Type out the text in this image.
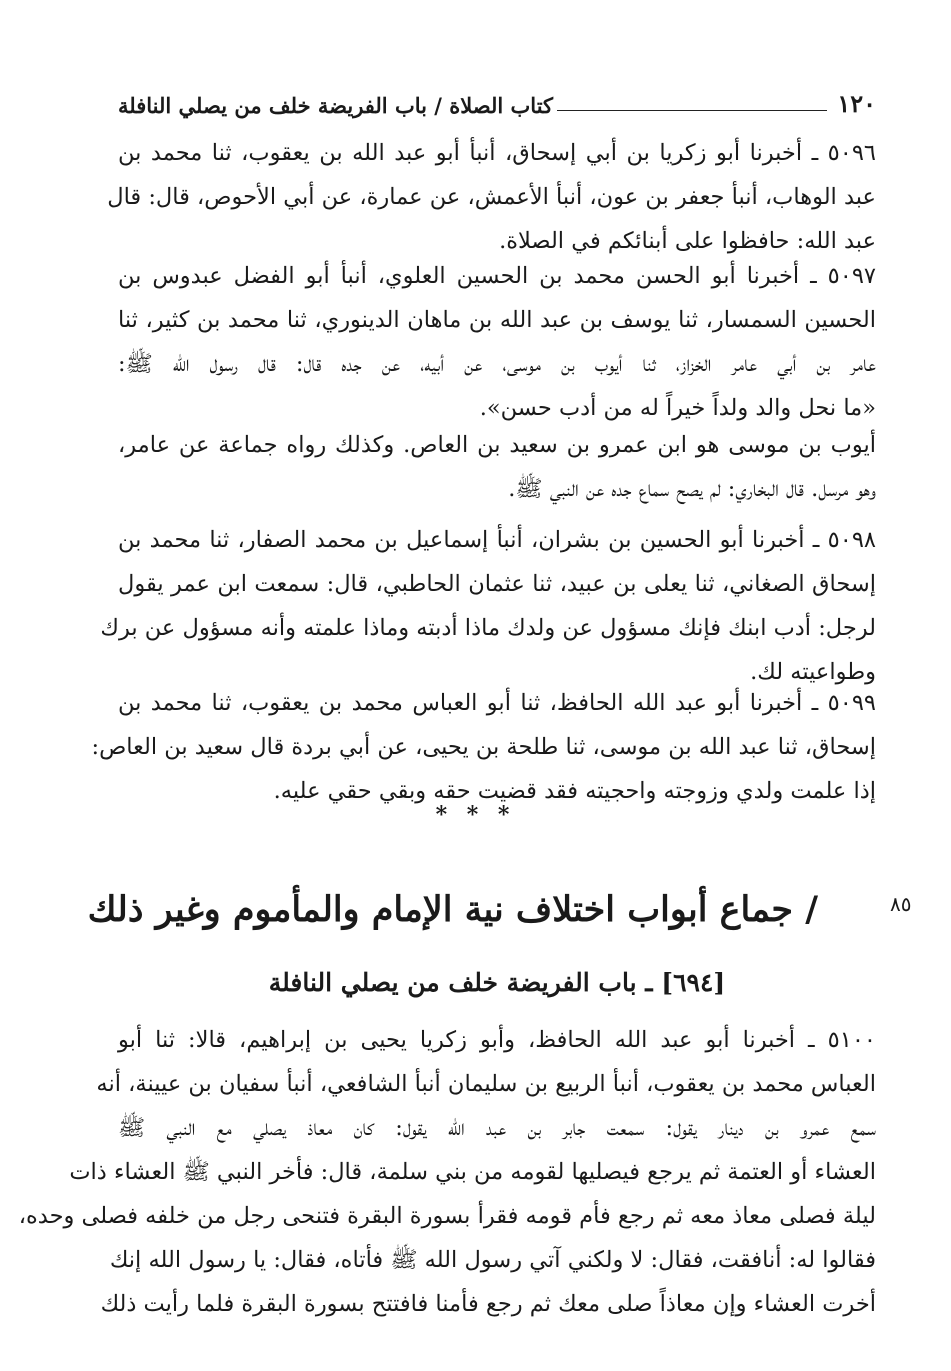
١٢٠
كتاب الصلاة / باب الفريضة خلف من يصلي النافلة
٥٠٩٦ ـ أخبرنا أبو زكريا بن أبي إسحاق، أنبأ أبو عبد الله بن يعقوب، ثنا محمد بن
عبد الوهاب، أنبأ جعفر بن عون، أنبأ الأعمش، عن عمارة، عن أبي الأحوص، قال: قال
عبد الله: حافظوا على أبنائكم في الصلاة.
٥٠٩٧ ـ أخبرنا أبو الحسن محمد بن الحسين العلوي، أنبأ أبو الفضل عبدوس بن
الحسين السمسار، ثنا يوسف بن عبد الله بن ماهان الدينوري، ثنا محمد بن كثير، ثنا
عامر بن أبي عامر الخزاز، ثنا أيوب بن موسى، عن أبيه، عن جده قال: قال رسول الله ﷺ:
«ما نحل والد ولداً خيراً له من أدب حسن».
أيوب بن موسى هو ابن عمرو بن سعيد بن العاص. وكذلك رواه جماعة عن عامر،
وهو مرسل. قال البخاري: لم يصح سماع جده عن النبي ﷺ.
٥٠٩٨ ـ أخبرنا أبو الحسين بن بشران، أنبأ إسماعيل بن محمد الصفار، ثنا محمد بن
إسحاق الصغاني، ثنا يعلى بن عبيد، ثنا عثمان الحاطبي، قال: سمعت ابن عمر يقول
لرجل: أدب ابنك فإنك مسؤول عن ولدك ماذا أدبته وماذا علمته وأنه مسؤول عن برك
وطواعيته لك.
٥٠٩٩ ـ أخبرنا أبو عبد الله الحافظ، ثنا أبو العباس محمد بن يعقوب، ثنا محمد بن
إسحاق، ثنا عبد الله بن موسى، ثنا طلحة بن يحيى، عن أبي بردة قال سعيد بن العاص:
إذا علمت ولدي وزوجته واحجيته فقد قضيت حقه وبقي حقي عليه.
* * *
٨٥
/ جماع أبواب اختلاف نية الإمام والمأموم وغير ذلك
[٦٩٤] ـ باب الفريضة خلف من يصلي النافلة
٥١٠٠ ـ أخبرنا أبو عبد الله الحافظ، وأبو زكريا يحيى بن إبراهيم، قالا: ثنا أبو
العباس محمد بن يعقوب، أنبأ الربيع بن سليمان أنبأ الشافعي، أنبأ سفيان بن عيينة، أنه
سمع عمرو بن دينار يقول: سمعت جابر بن عبد الله يقول: كان معاذ يصلي مع النبي ﷺ
العشاء أو العتمة ثم يرجع فيصليها لقومه من بني سلمة، قال: فأخر النبي ﷺ العشاء ذات
ليلة فصلى معاذ معه ثم رجع فأم قومه فقرأ بسورة البقرة فتنحى رجل من خلفه فصلى وحده،
فقالوا له: أنافقت، فقال: لا ولكني آتي رسول الله ﷺ فأتاه، فقال: يا رسول الله إنك
أخرت العشاء وإن معاذاً صلى معك ثم رجع فأمنا فافتتح بسورة البقرة فلما رأيت ذلك
